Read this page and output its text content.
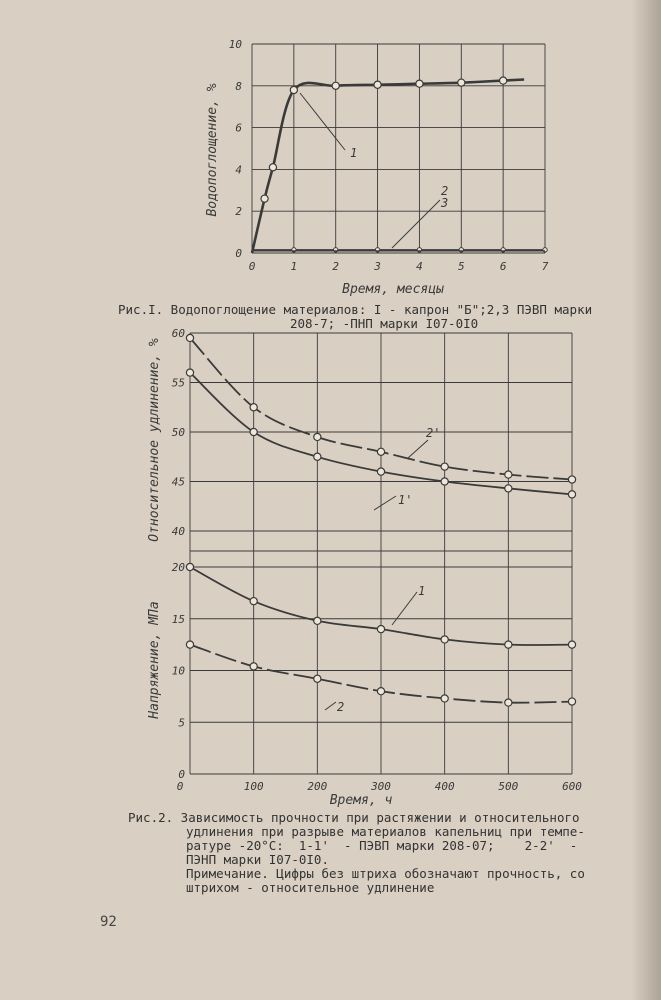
0	1	2	3	4	5	6	7
0
2
4
6
8
10
Время, месяцы
Водопоглощение, %	1
2
3
Рис.I. Водопоглощение материалов: I - капрон "Б";2,3 ПЭВП марки
208-7; -ПНП марки I07-0I0
40
45
50
55
60
0
5
10
15
20
0	100	200	300	400	500	600
Время, ч
Относительное удлинение, %
Напряжение, МПа
1'
2'
1
2
Рис.2. Зависимость прочности при растяжении и относительного
удлинения при разрыве материалов капельниц при темпе-
ратуре -20°С:  1-1'  - ПЭВП марки 208-07;    2-2'  -
ПЭНП марки I07-0I0.
Примечание. Цифры без штриха обозначают прочность, со
штрихом - относительное удлинение
92
